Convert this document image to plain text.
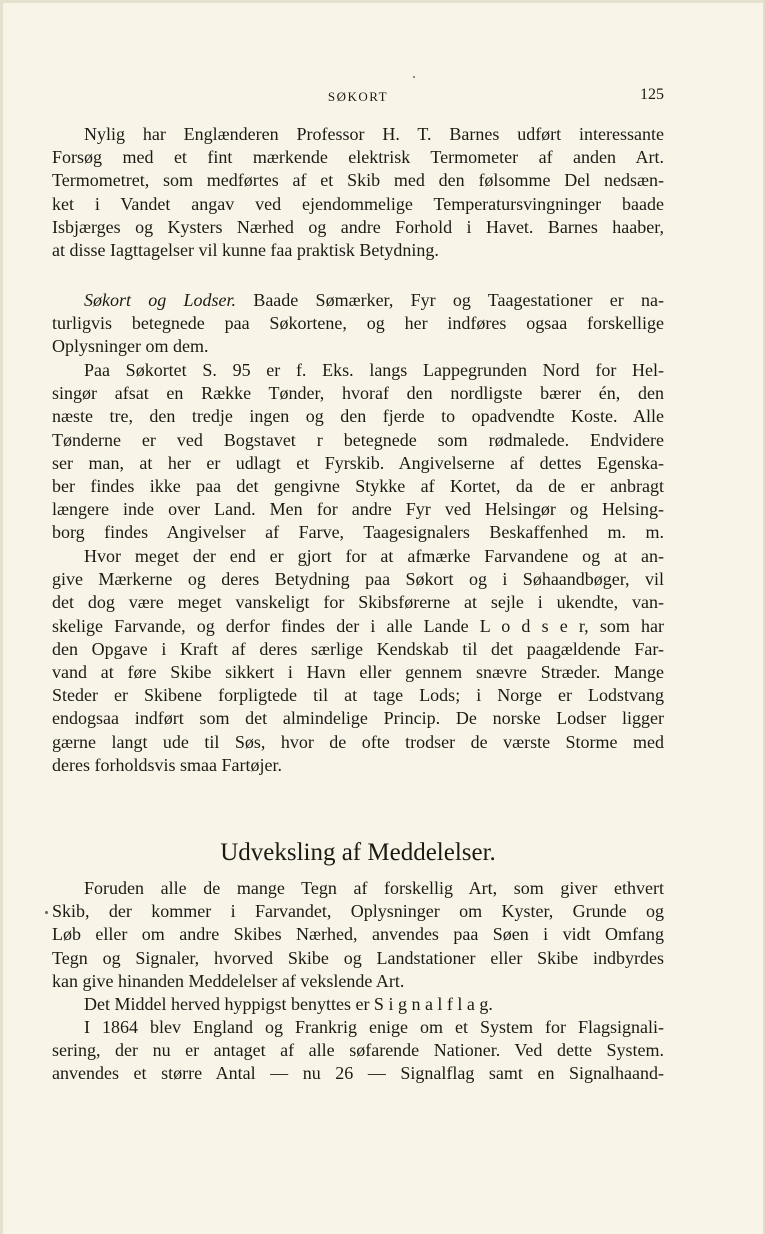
SØKORT	125
Nylig har Englænderen Professor H. T. Barnes udført interessante
Forsøg med et fint mærkende elektrisk Termometer af anden Art.
Termometret, som medførtes af et Skib med den følsomme Del nedsæn-
ket i Vandet angav ved ejendommelige Temperatursvingninger baade
Isbjærges og Kysters Nærhed og andre Forhold i Havet. Barnes haaber,
at disse Iagttagelser vil kunne faa praktisk Betydning.
Søkort og Lodser. Baade Sømærker, Fyr og Taagestationer er na-
turligvis betegnede paa Søkortene, og her indføres ogsaa forskellige
Oplysninger om dem.
Paa Søkortet S. 95 er f. Eks. langs Lappegrunden Nord for Hel-
singør afsat en Række Tønder, hvoraf den nordligste bærer én, den
næste tre, den tredje ingen og den fjerde to opadvendte Koste. Alle
Tønderne er ved Bogstavet r betegnede som rødmalede. Endvidere
ser man, at her er udlagt et Fyrskib. Angivelserne af dettes Egenska-
ber findes ikke paa det gengivne Stykke af Kortet, da de er anbragt
længere inde over Land. Men for andre Fyr ved Helsingør og Helsing-
borg findes Angivelser af Farve, Taagesignalers Beskaffenhed m. m.
Hvor meget der end er gjort for at afmærke Farvandene og at an-
give Mærkerne og deres Betydning paa Søkort og i Søhaandbøger, vil
det dog være meget vanskeligt for Skibsførerne at sejle i ukendte, van-
skelige Farvande, og derfor findes der i alle Lande L o d s e r, som har
den Opgave i Kraft af deres særlige Kendskab til det paagældende Far-
vand at føre Skibe sikkert i Havn eller gennem snævre Stræder. Mange
Steder er Skibene forpligtede til at tage Lods; i Norge er Lodstvang
endogsaa indført som det almindelige Princip. De norske Lodser ligger
gærne langt ude til Søs, hvor de ofte trodser de værste Storme med
deres forholdsvis smaa Fartøjer.
Udveksling af Meddelelser.
Foruden alle de mange Tegn af forskellig Art, som giver ethvert
Skib, der kommer i Farvandet, Oplysninger om Kyster, Grunde og
Løb eller om andre Skibes Nærhed, anvendes paa Søen i vidt Omfang
Tegn og Signaler, hvorved Skibe og Landstationer eller Skibe indbyrdes
kan give hinanden Meddelelser af vekslende Art.
Det Middel herved hyppigst benyttes er S i g n a l f l a g.
I 1864 blev England og Frankrig enige om et System for Flagsignali-
sering, der nu er antaget af alle søfarende Nationer. Ved dette System.
anvendes et større Antal — nu 26 — Signalflag samt en Signalhaand-
